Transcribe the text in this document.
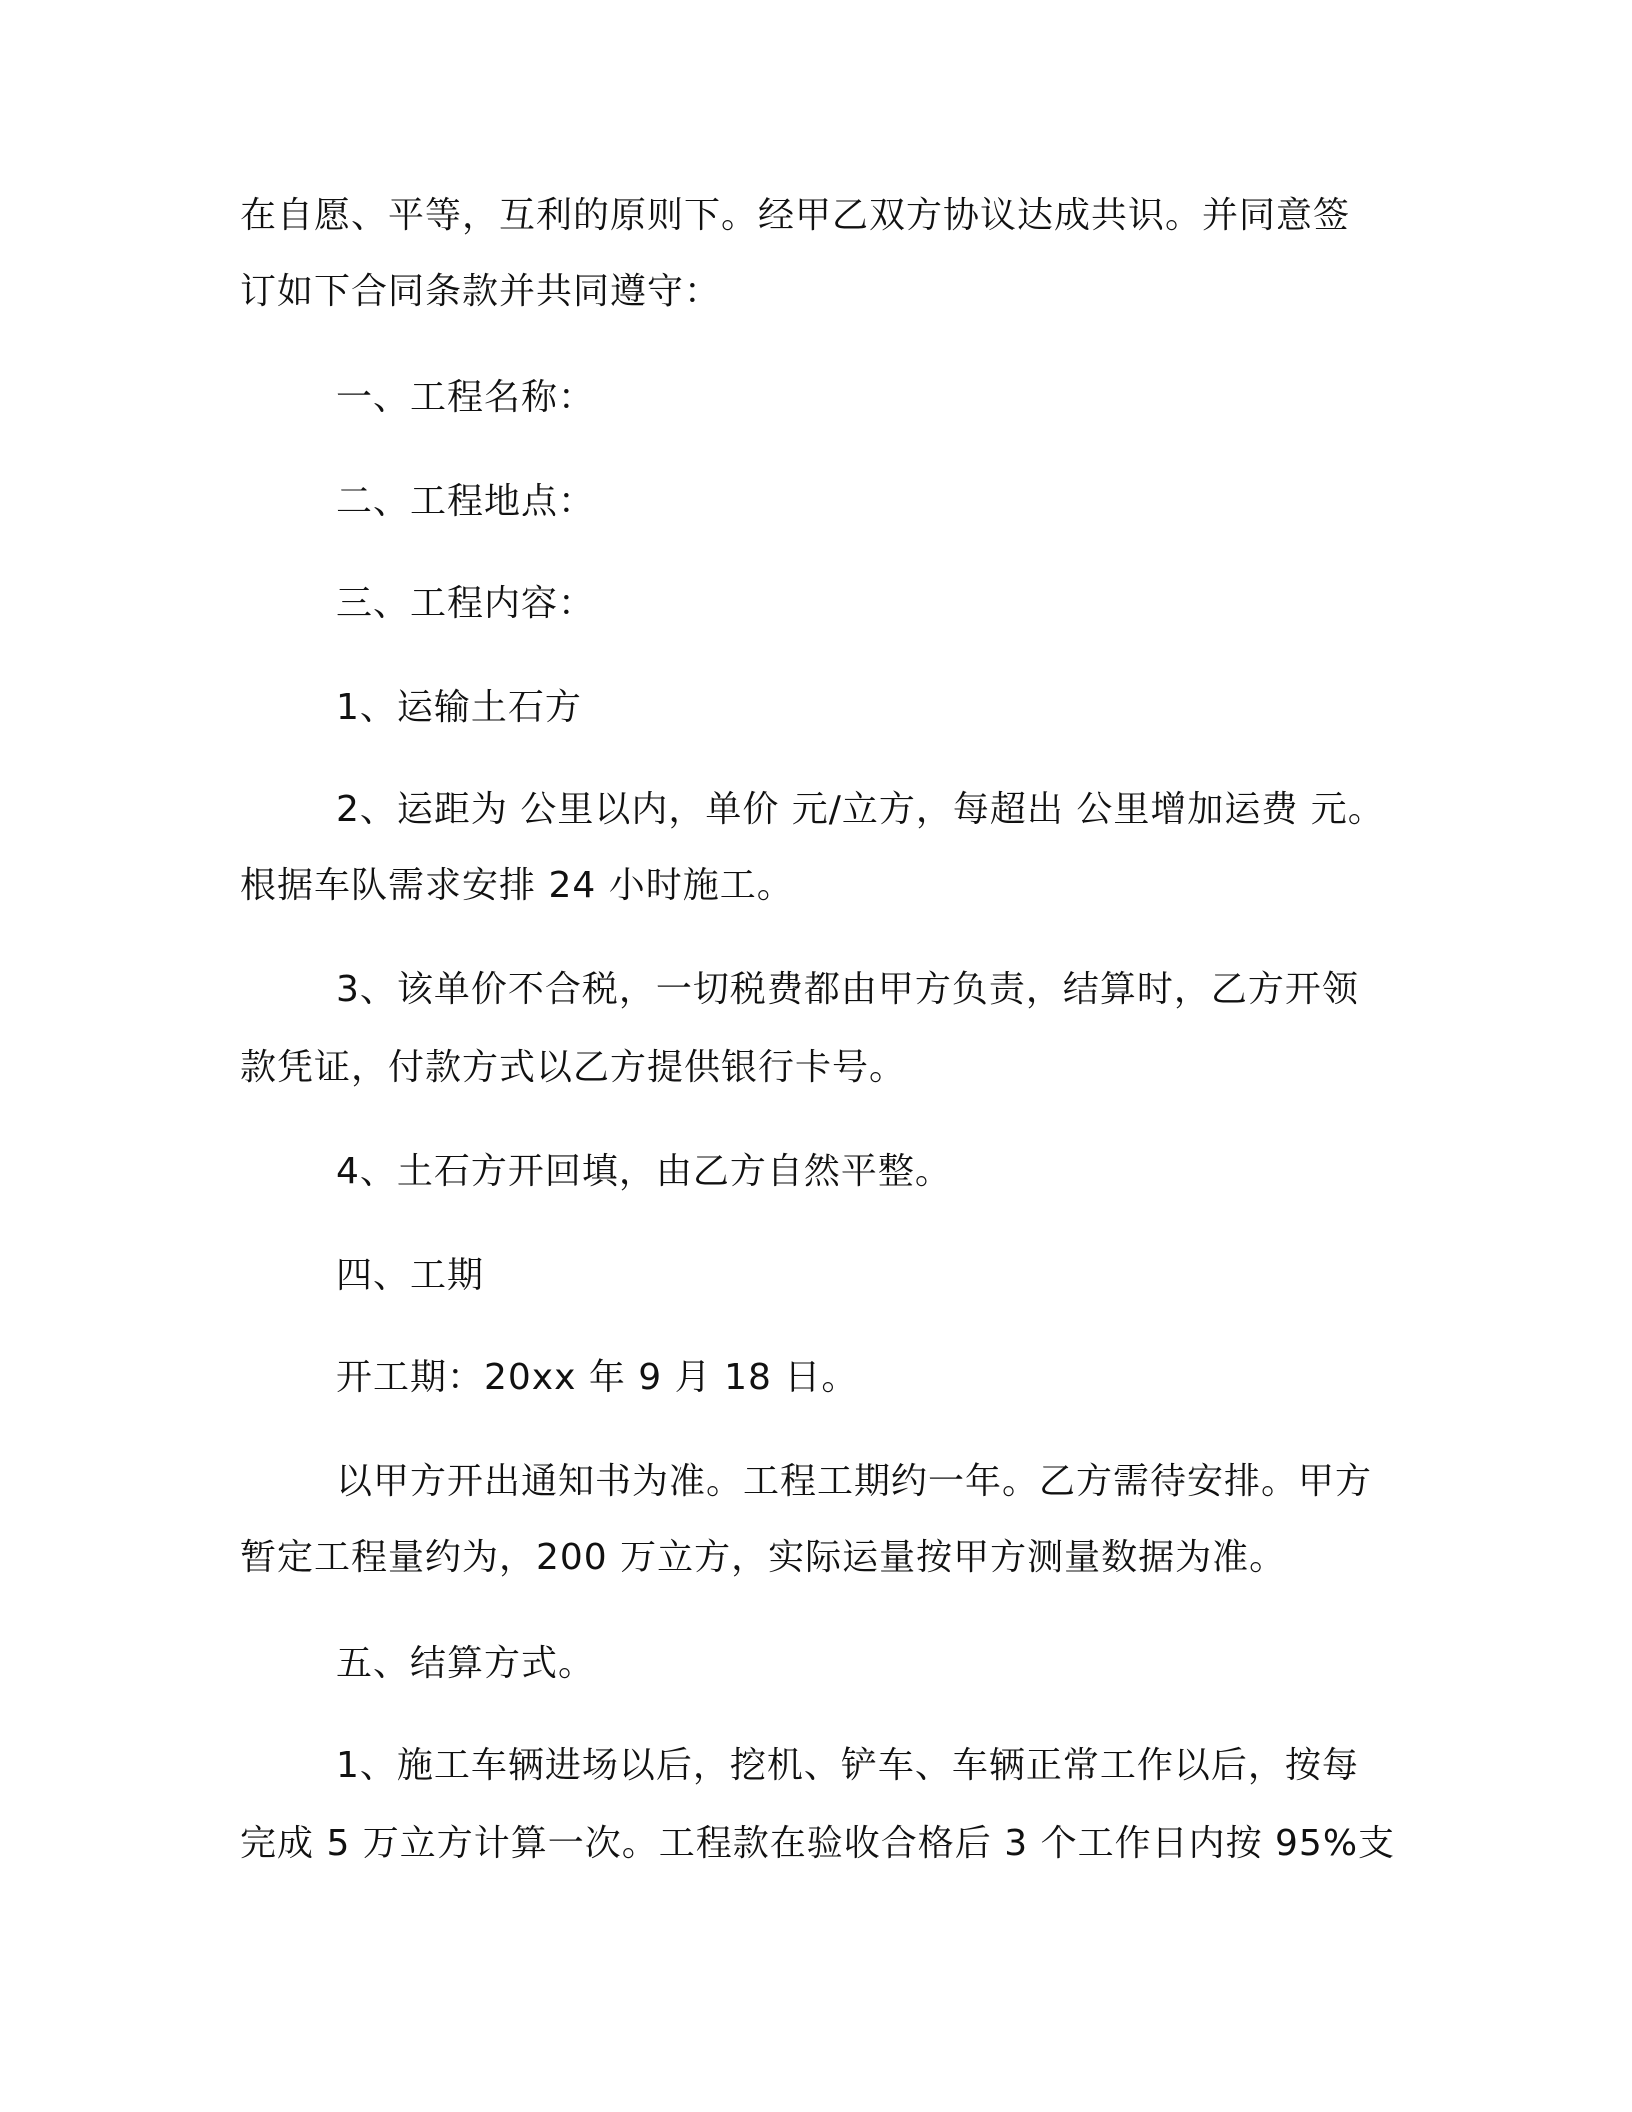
在自愿、平等，互利的原则下。经甲乙双方协议达成共识。并同意签
订如下合同条款并共同遵守：
一、工程名称：
二、工程地点：
三、工程内容：
1、运输土石方
2、运距为 公里以内，单价 元/立方，每超出 公里增加运费 元。
根据车队需求安排 24 小时施工。
3、该单价不合税，一切税费都由甲方负责，结算时，乙方开领
款凭证，付款方式以乙方提供银行卡号。
4、土石方开回填，由乙方自然平整。
四、工期
开工期：20xx 年 9 月 18 日。
以甲方开出通知书为准。工程工期约一年。乙方需待安排。甲方
暂定工程量约为，200 万立方，实际运量按甲方测量数据为准。
五、结算方式。
1、施工车辆进场以后，挖机、铲车、车辆正常工作以后，按每
完成 5 万立方计算一次。工程款在验收合格后 3 个工作日内按 95%支
